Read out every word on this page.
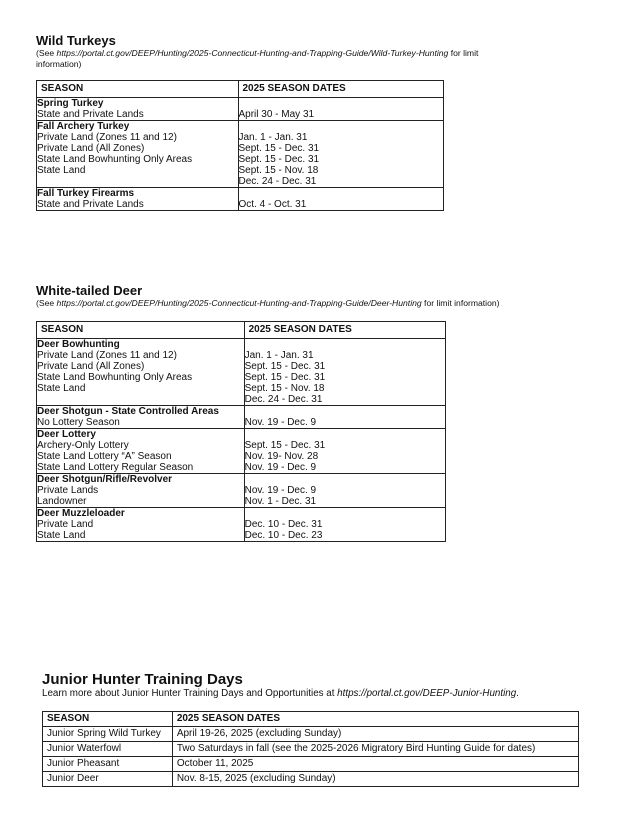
Wild Turkeys

(See https://portal.ct.gov/DEEP/Hunting/2025-Connecticut-Hunting-and-Trapping-Guide/Wild-Turkey-Hunting for limit
information)

SEASON	2025 SEASON DATES
Spring Turkey	
State and Private Lands	April 30 - May 31

Fall Archery Turkey	
Private Land (Zones 11 and 12)	Jan. 1 - Jan. 31

Private Land (All Zones)	Sept. 15 - Dec. 31

State Land Bowhunting Only Areas	Sept. 15 - Dec. 31

State Land	Sept. 15 - Nov. 18
Dec. 24 - Dec. 31

Fall Turkey Firearms	
State and Private Lands	Oct. 4 - Oct. 31

White-tailed Deer

(See https://portal.ct.gov/DEEP/Hunting/2025-Connecticut-Hunting-and-Trapping-Guide/Deer-Hunting for limit information)

SEASON	2025 SEASON DATES
Deer Bowhunting	
Private Land (Zones 11 and 12)	Jan. 1 - Jan. 31

Private Land (All Zones)	Sept. 15 - Dec. 31

State Land Bowhunting Only Areas	Sept. 15 - Dec. 31

State Land	Sept. 15 - Nov. 18
Dec. 24 - Dec. 31

Deer Shotgun - State Controlled Areas	
No Lottery Season	Nov. 19 - Dec. 9

Deer Lottery	
Archery-Only Lottery	Sept. 15 - Dec. 31

State Land Lottery “A” Season	Nov. 19- Nov. 28

State Land Lottery Regular Season	Nov. 19 - Dec. 9

Deer Shotgun/Rifle/Revolver	
Private Lands	Nov. 19 - Dec. 9

Landowner	Nov. 1 - Dec. 31

Deer Muzzleloader	
Private Land	Dec. 10 - Dec. 31

State Land	Dec. 10 - Dec. 23

Junior Hunter Training Days

Learn more about Junior Hunter Training Days and Opportunities at https://portal.ct.gov/DEEP-Junior-Hunting.

SEASON	2025 SEASON DATES
Junior Spring Wild Turkey	April 19-26, 2025 (excluding Sunday)
Junior Waterfowl	Two Saturdays in fall (see the 2025-2026 Migratory Bird Hunting Guide for dates)
Junior Pheasant	October 11, 2025
Junior Deer	Nov. 8-15, 2025 (excluding Sunday)
